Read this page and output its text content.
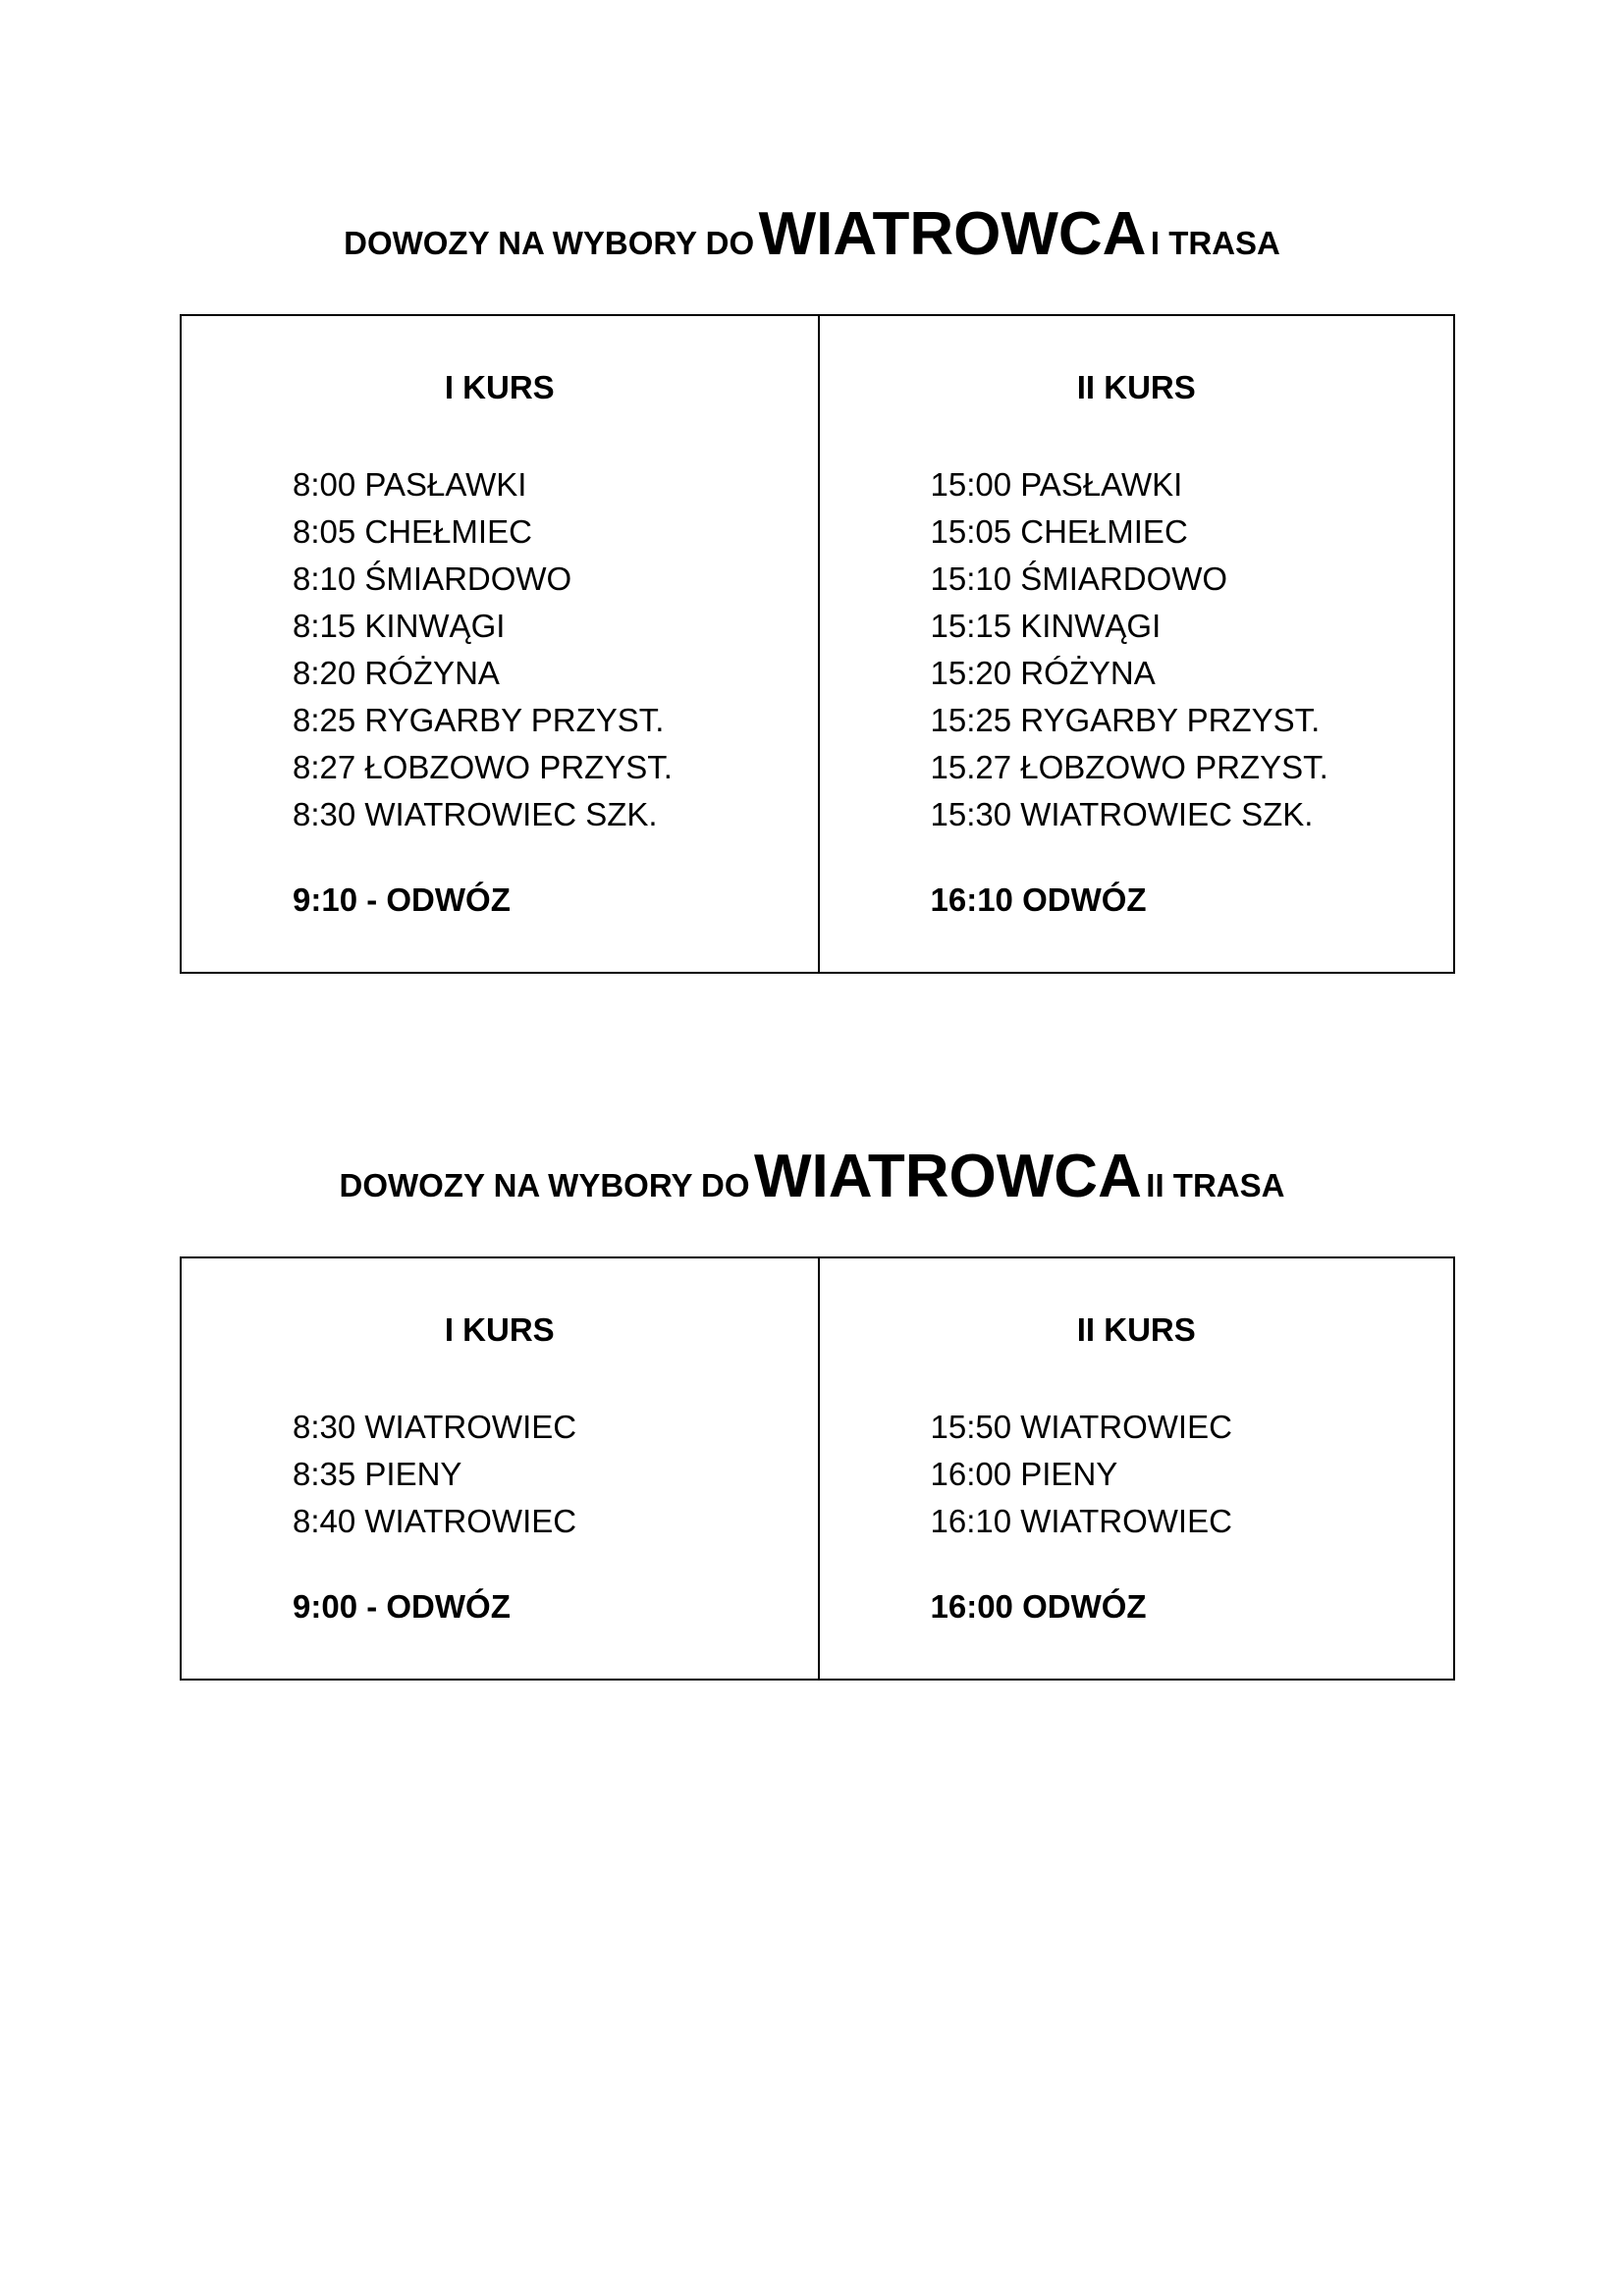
DOWOZY NA WYBORY DO WIATROWCA I TRASA
I KURS
8:00 PASŁAWKI
8:05 CHEŁMIEC
8:10 ŚMIARDOWO
8:15 KINWĄGI
8:20 RÓŻYNA
8:25 RYGARBY PRZYST.
8:27 ŁOBZOWO PRZYST.
8:30 WIATROWIEC SZK.
9:10 - ODWÓZ
II KURS
15:00 PASŁAWKI
15:05 CHEŁMIEC
15:10 ŚMIARDOWO
15:15 KINWĄGI
15:20 RÓŻYNA
15:25 RYGARBY PRZYST.
15.27 ŁOBZOWO PRZYST.
15:30 WIATROWIEC SZK.
16:10 ODWÓZ
DOWOZY NA WYBORY DO WIATROWCA II TRASA
I KURS
8:30 WIATROWIEC
8:35 PIENY
8:40 WIATROWIEC
9:00 - ODWÓZ
II KURS
15:50 WIATROWIEC
16:00 PIENY
16:10 WIATROWIEC
16:00 ODWÓZ
